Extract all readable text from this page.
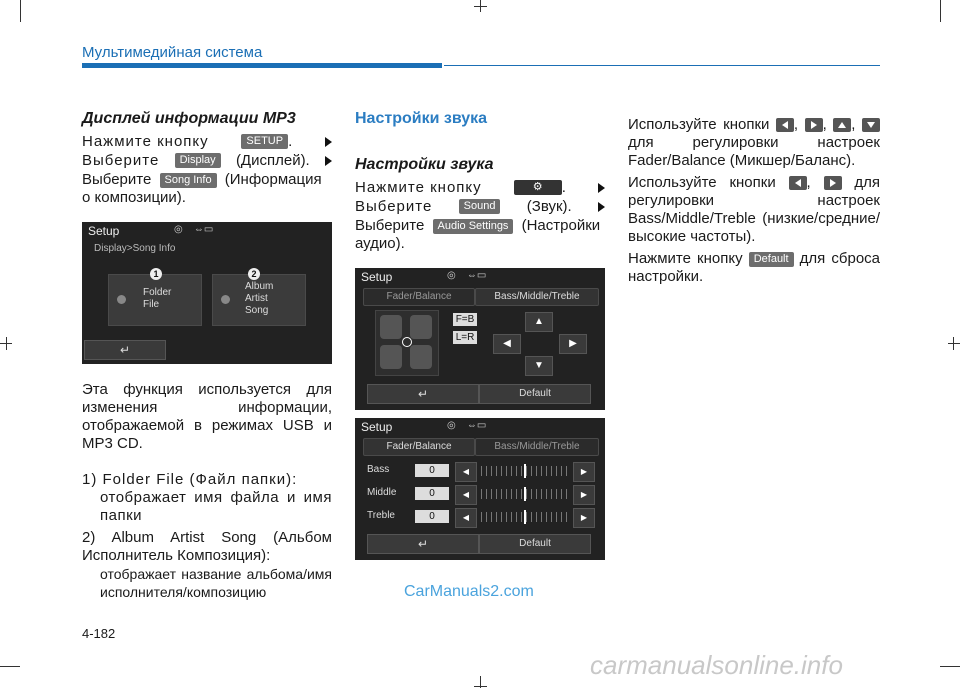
Мультимедийная система
Дисплей информации MP3
Нажмите кнопку	SETUP .
Выберите	Display	(Дисплей).
Выберите Song Info (Информация о композиции).
Setup
Display>Song Info
◎    ⇔▭
Folder
File
Album
Artist
Song
1	2
↵
Эта функция используется для изменения информации, отображаемой в режимах USB и MP3 CD.
1) Folder File (Файл папки):
отображает имя файла и имя папки
2) Album Artist Song (Альбом Исполнитель Композиция):
отображает название альбома/имя исполнителя/композицию
Настройки звука
Настройки звука
Нажмите кнопку	⚙ .
Выберите	Sound	(Звук).
Выберите Audio Settings (Настройки аудио).
Setup	◎    ⇔▭
Fader/Balance	Bass/Middle/Treble
F=B
L=R
▲
◀	▶
▼
↵	Default
Setup	◎    ⇔▭
Fader/Balance	Bass/Middle/Treble
Bass	0	◀	▶
Middle	0	◀	▶
Treble	0	◀	▶
↵	Default
Используйте кнопки ,
,
,
для регулировки настроек Fader/Balance (Микшер/Баланс).
Используйте кнопки ,
для регулировки настроек Bass/Middle/Treble (низкие/средние/высокие частоты).
Нажмите кнопку Default для сброса настройки.
CarManuals2.com
4-182
carmanualsonline.info
